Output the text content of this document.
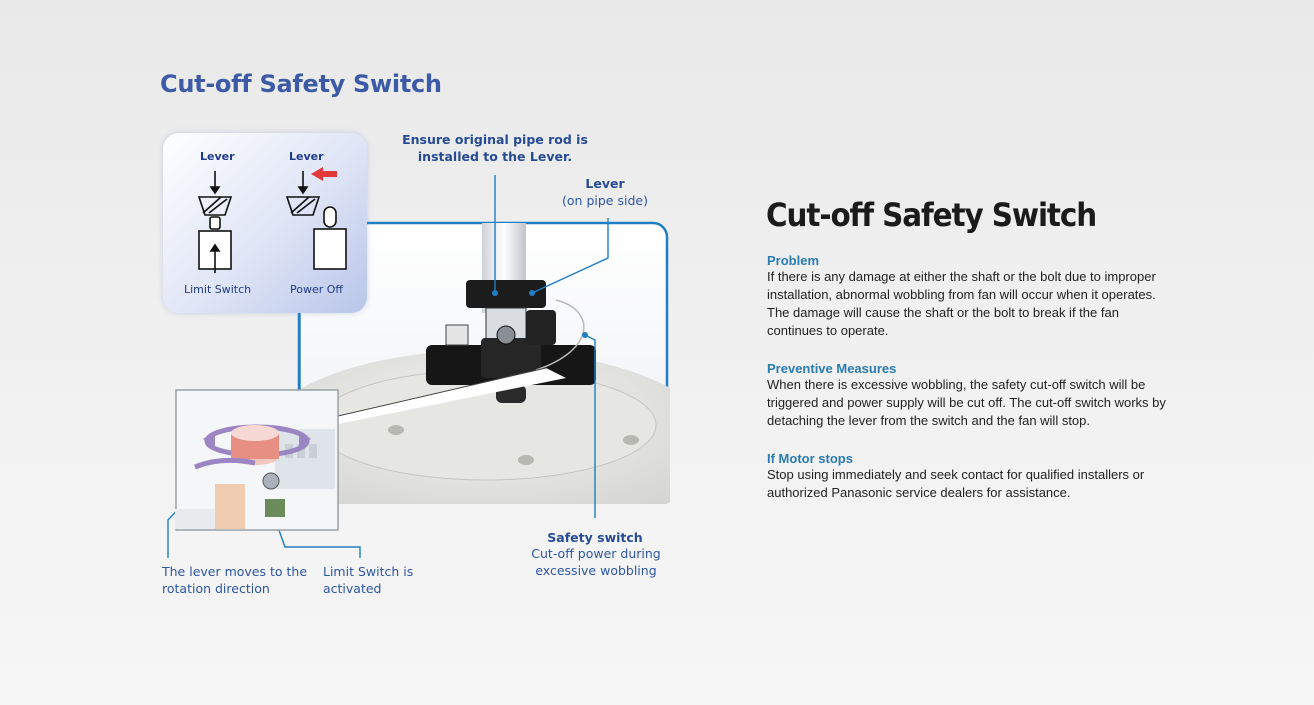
Cut-off Safety Switch
Lever	Lever
Limit Switch	Power Off
Ensure original pipe rod is installed to the Lever.
Lever
(on pipe side)
Safety switch
Cut-off power during excessive wobbling
The lever moves to the rotation direction
Limit Switch is activated
Cut-off Safety Switch
Problem

If there is any damage at either the shaft or the bolt due to improper installation, abnormal wobbling from fan will occur when it operates. The damage will cause the shaft or the bolt to break if the fan continues to operate.

Preventive Measures

When there is excessive wobbling, the safety cut-off switch will be triggered and power supply will be cut off. The cut-off switch works by detaching the lever from the switch and the fan will stop.

If Motor stops

Stop using immediately and seek contact for qualified installers or authorized Panasonic service dealers for assistance.
